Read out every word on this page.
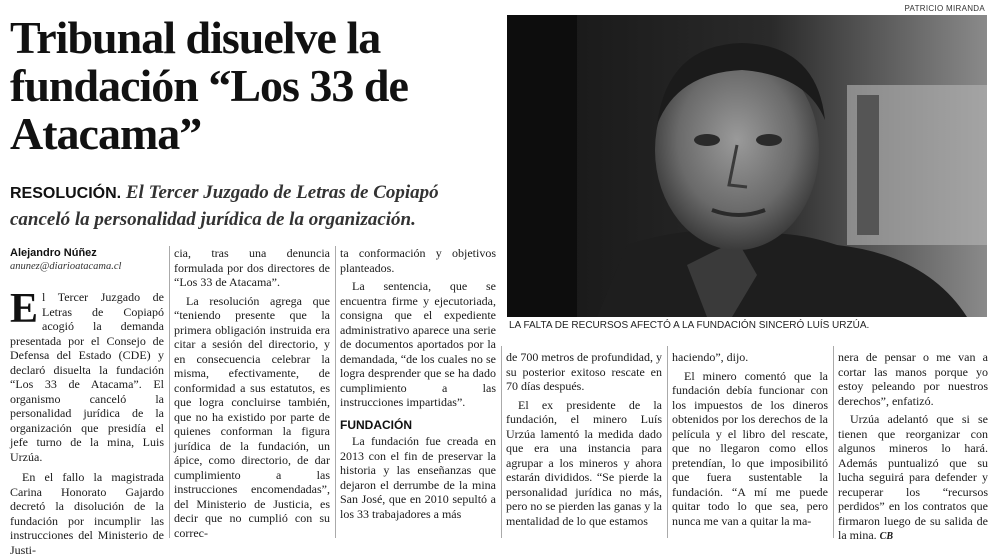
Tribunal disuelve la fundación “Los 33 de Atacama”

RESOLUCIÓN. El Tercer Juzgado de Letras de Copiapó canceló la personalidad jurídica de la organización.

PATRICIO MIRANDA
LA FALTA DE RECURSOS AFECTÓ A LA FUNDACIÓN SINCERÓ LUÍS URZÚA.
Alejandro Núñez
anunez@diarioatacama.cl

El Tercer Juzgado de Letras de Copiapó acogió la demanda presentada por el Consejo de Defensa del Estado (CDE) y declaró disuelta la fundación “Los 33 de Atacama”. El organismo canceló la personalidad jurídica de la organización que presidía el jefe turno de la mina, Luis Urzúa.

En el fallo la magistrada Carina Honorato Gajardo decretó la disolución de la fundación por incumplir las instrucciones del Ministerio de Justi-

cia, tras una denuncia formulada por dos directores de “Los 33 de Atacama”.

La resolución agrega que “teniendo presente que la primera obligación instruida era citar a sesión del directorio, y en consecuencia celebrar la misma, efectivamente, de conformidad a sus estatutos, es que logra concluirse también, que no ha existido por parte de quienes conforman la figura jurídica de la fundación, un ápice, como directorio, de dar cumplimiento a las instrucciones encomendadas”, del Ministerio de Justicia, es decir que no cumplió con su correc-

ta conformación y objetivos planteados.

La sentencia, que se encuentra firme y ejecutoriada, consigna que el expediente administrativo aparece una serie de documentos aportados por la demandada, “de los cuales no se logra desprender que se ha dado cumplimiento a las instrucciones impartidas”.

FUNDACIÓN

La fundación fue creada en 2013 con el fin de preservar la historia y las enseñanzas que dejaron el derrumbe de la mina San José, que en 2010 sepultó a los 33 trabajadores a más

de 700 metros de profundidad, y su posterior exitoso rescate en 70 días después.

El ex presidente de la fundación, el minero Luís Urzúa lamentó la medida dado que era una instancia para agrupar a los mineros y ahora estarán divididos. “Se pierde la personalidad jurídica no más, pero no se pierden las ganas y la mentalidad de lo que estamos

haciendo”, dijo.

El minero comentó que la fundación debía funcionar con los impuestos de los dineros obtenidos por los derechos de la película y el libro del rescate, que no llegaron como ellos pretendían, lo que imposibilitó que fuera sustentable la fundación. “A mí me puede quitar todo lo que sea, pero nunca me van a quitar la ma-

nera de pensar o me van a cortar las manos porque yo estoy peleando por nuestros derechos”, enfatizó.

Urzúa adelantó que si se tienen que reorganizar con algunos mineros lo hará. Además puntualizó que su lucha seguirá para defender y recuperar los “recursos perdidos” en los contratos que firmaron luego de su salida de la mina. CB
